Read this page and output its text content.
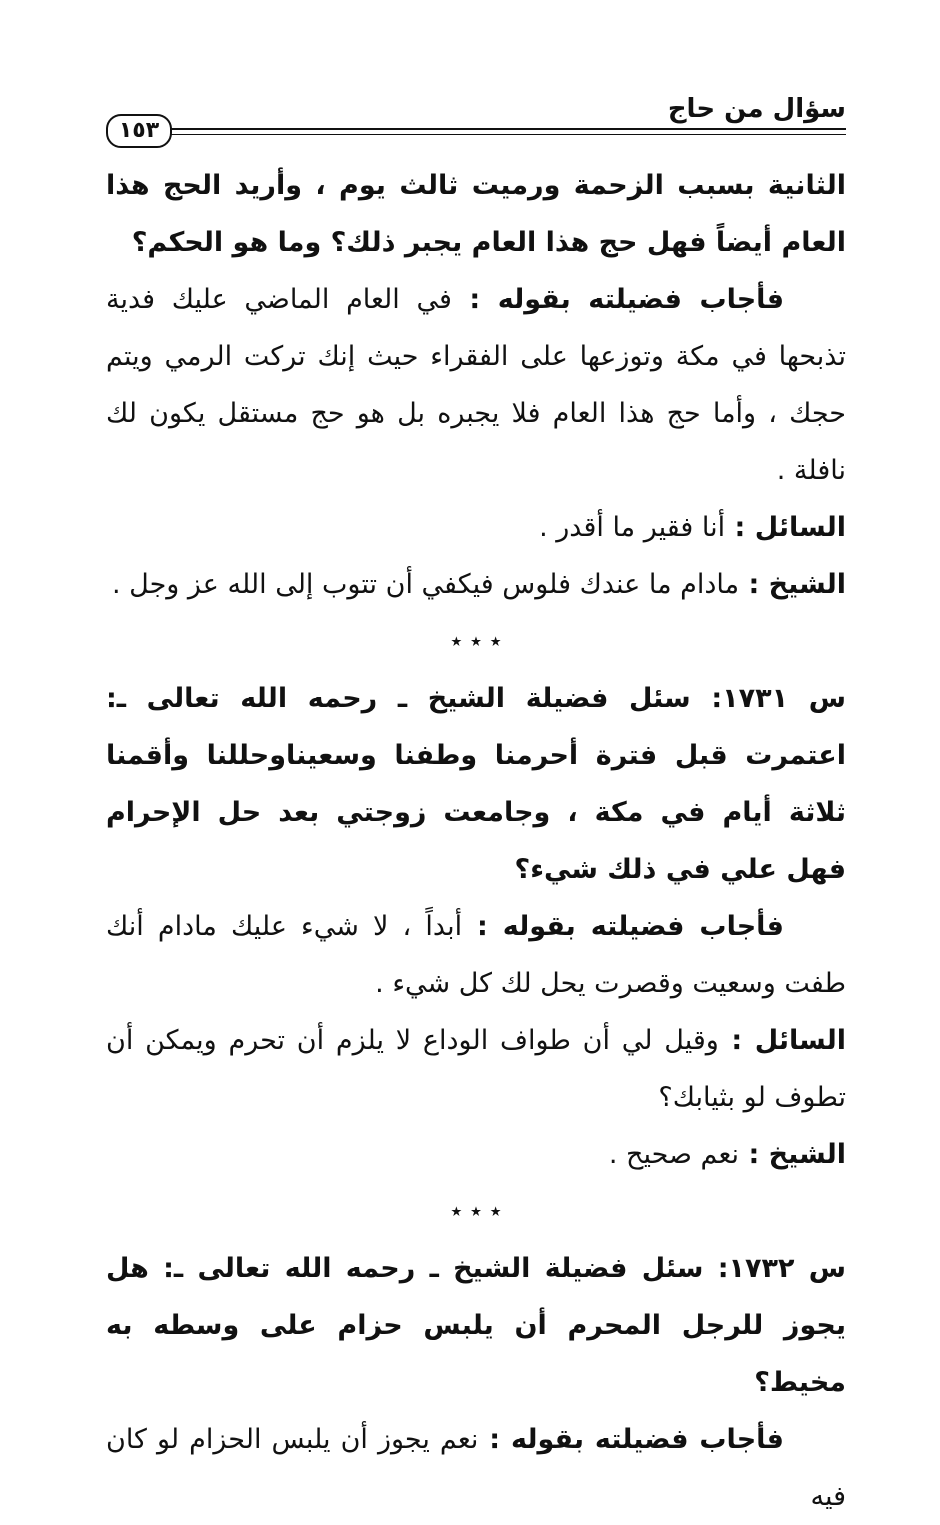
سؤال من حاج
١٥٣

الثانية بسبب الزحمة ورميت ثالث يوم ، وأريد الحج هذا العام أيضاً فهل حج هذا العام يجبر ذلك؟ وما هو الحكم؟

فأجاب فضيلته بقوله : في العام الماضي عليك فدية تذبحها في مكة وتوزعها على الفقراء حيث إنك تركت الرمي ويتم حجك ، وأما حج هذا العام فلا يجبره بل هو حج مستقل يكون لك نافلة .

السائل : أنا فقير ما أقدر .

الشيخ : مادام ما عندك فلوس فيكفي أن تتوب إلى الله عز وجل .

٭ ٭ ٭

س ١٧٣١: سئل فضيلة الشيخ ـ رحمه الله تعالى ـ: اعتمرت قبل فترة أحرمنا وطفنا وسعيناوحللنا وأقمنا ثلاثة أيام في مكة ، وجامعت زوجتي بعد حل الإحرام فهل علي في ذلك شيء؟

فأجاب فضيلته بقوله : أبداً ، لا شيء عليك مادام أنك طفت وسعيت وقصرت يحل لك كل شيء .

السائل : وقيل لي أن طواف الوداع لا يلزم أن تحرم ويمكن أن تطوف لو بثيابك؟

الشيخ : نعم صحيح .

٭ ٭ ٭

س ١٧٣٢: سئل فضيلة الشيخ ـ رحمه الله تعالى ـ: هل يجوز للرجل المحرم أن يلبس حزام على وسطه به مخيط؟

فأجاب فضيلته بقوله : نعم يجوز أن يلبس الحزام لو كان فيه
